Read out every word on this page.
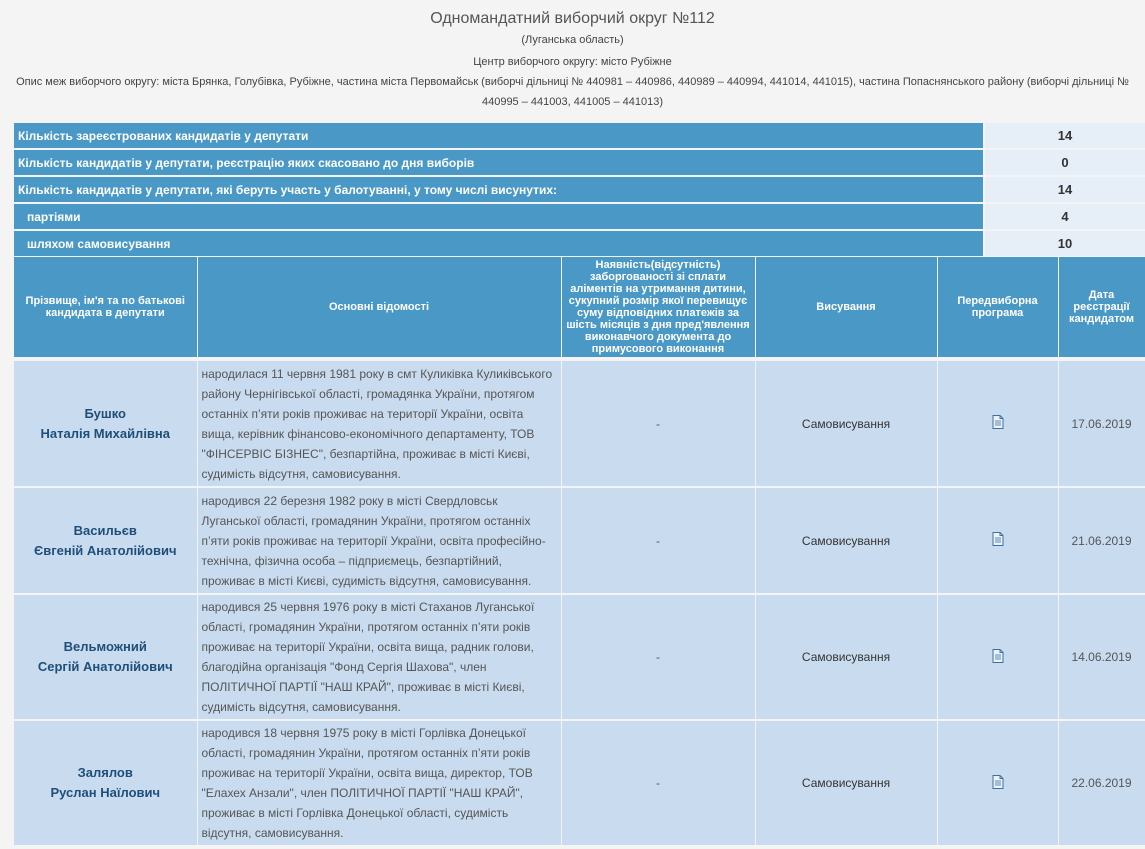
Одномандатний виборчий округ №112
(Луганська область)
Центр виборчого округу: місто Рубіжне
Опис меж виборчого округу: міста Брянка, Голубівка, Рубіжне, частина міста Первомайськ (виборчі дільниці № 440981 – 440986, 440989 – 440994, 441014, 441015), частина Попаснянського району (виборчі дільниці № 440995 – 441003, 441005 – 441013)
Кількість зареєстрованих кандидатів у депутати	14
Кількість кандидатів у депутати, реєстрацію яких скасовано до дня виборів	0
Кількість кандидатів у депутати, які беруть участь у балотуванні, у тому числі висунутих:	14
партіями	4
шляхом самовисування	10
Прізвище, ім'я та по батькові кандидата в депутати	Основні відомості	Наявність(відсутність) заборгованості зі сплати аліментів на утримання дитини, сукупний розмір якої перевищує суму відповідних платежів за шість місяців з дня пред'явлення виконавчого документа до примусового виконання	Висування	Передвиборна програма	Дата реєстрації кандидатом

Бушко
Наталія Михайлівна	народилася 11 червня 1981 року в смт Куликівка Куликівського району Чернігівської області, громадянка України, протягом останніх п’яти років проживає на території України, освіта вища, керівник фінансово-економічного департаменту, ТОВ "ФІНСЕРВІС БІЗНЕС", безпартійна, проживає в місті Києві, судимість відсутня, самовисування.	-	Самовисування		17.06.2019

Васильєв
Євгеній Анатолійович	народився 22 березня 1982 року в місті Свердловськ Луганської області, громадянин України, протягом останніх п’яти років проживає на території України, освіта професійно-технічна, фізична особа – підприємець, безпартійний, проживає в місті Києві, судимість відсутня, самовисування.	-	Самовисування		21.06.2019

Вельможний
Сергій Анатолійович	народився 25 червня 1976 року в місті Стаханов Луганської області, громадянин України, протягом останніх п’яти років проживає на території України, освіта вища, радник голови, благодійна організація "Фонд Сергія Шахова", член ПОЛІТИЧНОЇ ПАРТІЇ "НАШ КРАЙ", проживає в місті Києві, судимість відсутня, самовисування.	-	Самовисування		14.06.2019

Залялов
Руслан Наїлович	народився 18 червня 1975 року в місті Горлівка Донецької області, громадянин України, протягом останніх п’яти років проживає на території України, освіта вища, директор, ТОВ "Елахех Анзали", член ПОЛІТИЧНОЇ ПАРТІЇ "НАШ КРАЙ", проживає в місті Горлівка Донецької області, судимість відсутня, самовисування.	-	Самовисування		22.06.2019
